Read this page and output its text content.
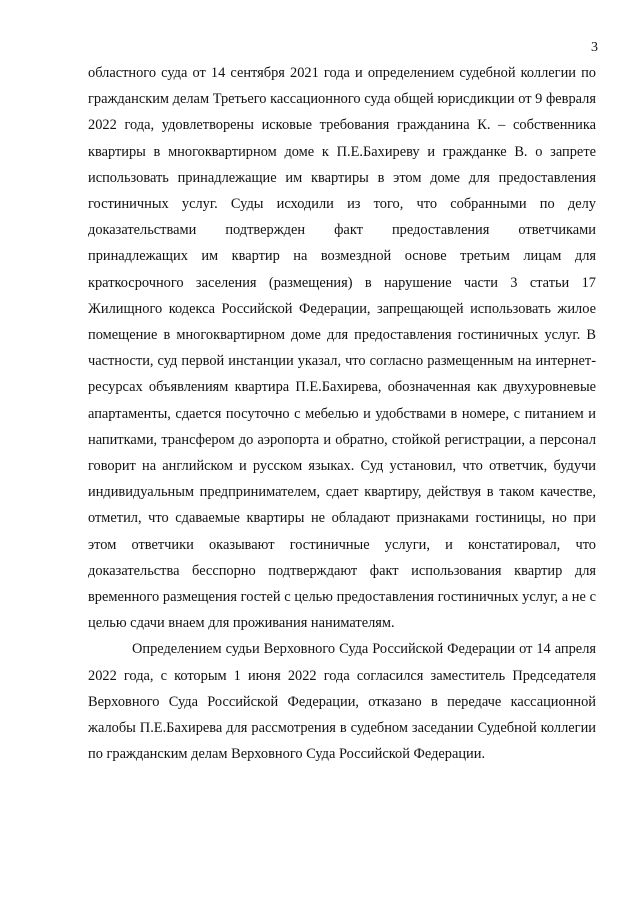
3

областного суда от 14 сентября 2021 года и определением судебной коллегии по гражданским делам Третьего кассационного суда общей юрисдикции от 9 февраля 2022 года, удовлетворены исковые требования гражданина К. – собственника квартиры в многоквартирном доме к П.Е.Бахиреву и гражданке В. о запрете использовать принадлежащие им квартиры в этом доме для предоставления гостиничных услуг. Суды исходили из того, что собранными по делу доказательствами подтвержден факт предоставления ответчиками принадлежащих им квартир на возмездной основе третьим лицам для краткосрочного заселения (размещения) в нарушение части 3 статьи 17 Жилищного кодекса Российской Федерации, запрещающей использовать жилое помещение в многоквартирном доме для предоставления гостиничных услуг. В частности, суд первой инстанции указал, что согласно размещенным на интернет-ресурсах объявлениям квартира П.Е.Бахирева, обозначенная как двухуровневые апартаменты, сдается посуточно с мебелью и удобствами в номере, с питанием и напитками, трансфером до аэропорта и обратно, стойкой регистрации, а персонал говорит на английском и русском языках. Суд установил, что ответчик, будучи индивидуальным предпринимателем, сдает квартиру, действуя в таком качестве, отметил, что сдаваемые квартиры не обладают признаками гостиницы, но при этом ответчики оказывают гостиничные услуги, и констатировал, что доказательства бесспорно подтверждают факт использования квартир для временного размещения гостей с целью предоставления гостиничных услуг, а не с целью сдачи внаем для проживания нанимателям.

Определением судьи Верховного Суда Российской Федерации от 14 апреля 2022 года, с которым 1 июня 2022 года согласился заместитель Председателя Верховного Суда Российской Федерации, отказано в передаче кассационной жалобы П.Е.Бахирева для рассмотрения в судебном заседании Судебной коллегии по гражданским делам Верховного Суда Российской Федерации.
